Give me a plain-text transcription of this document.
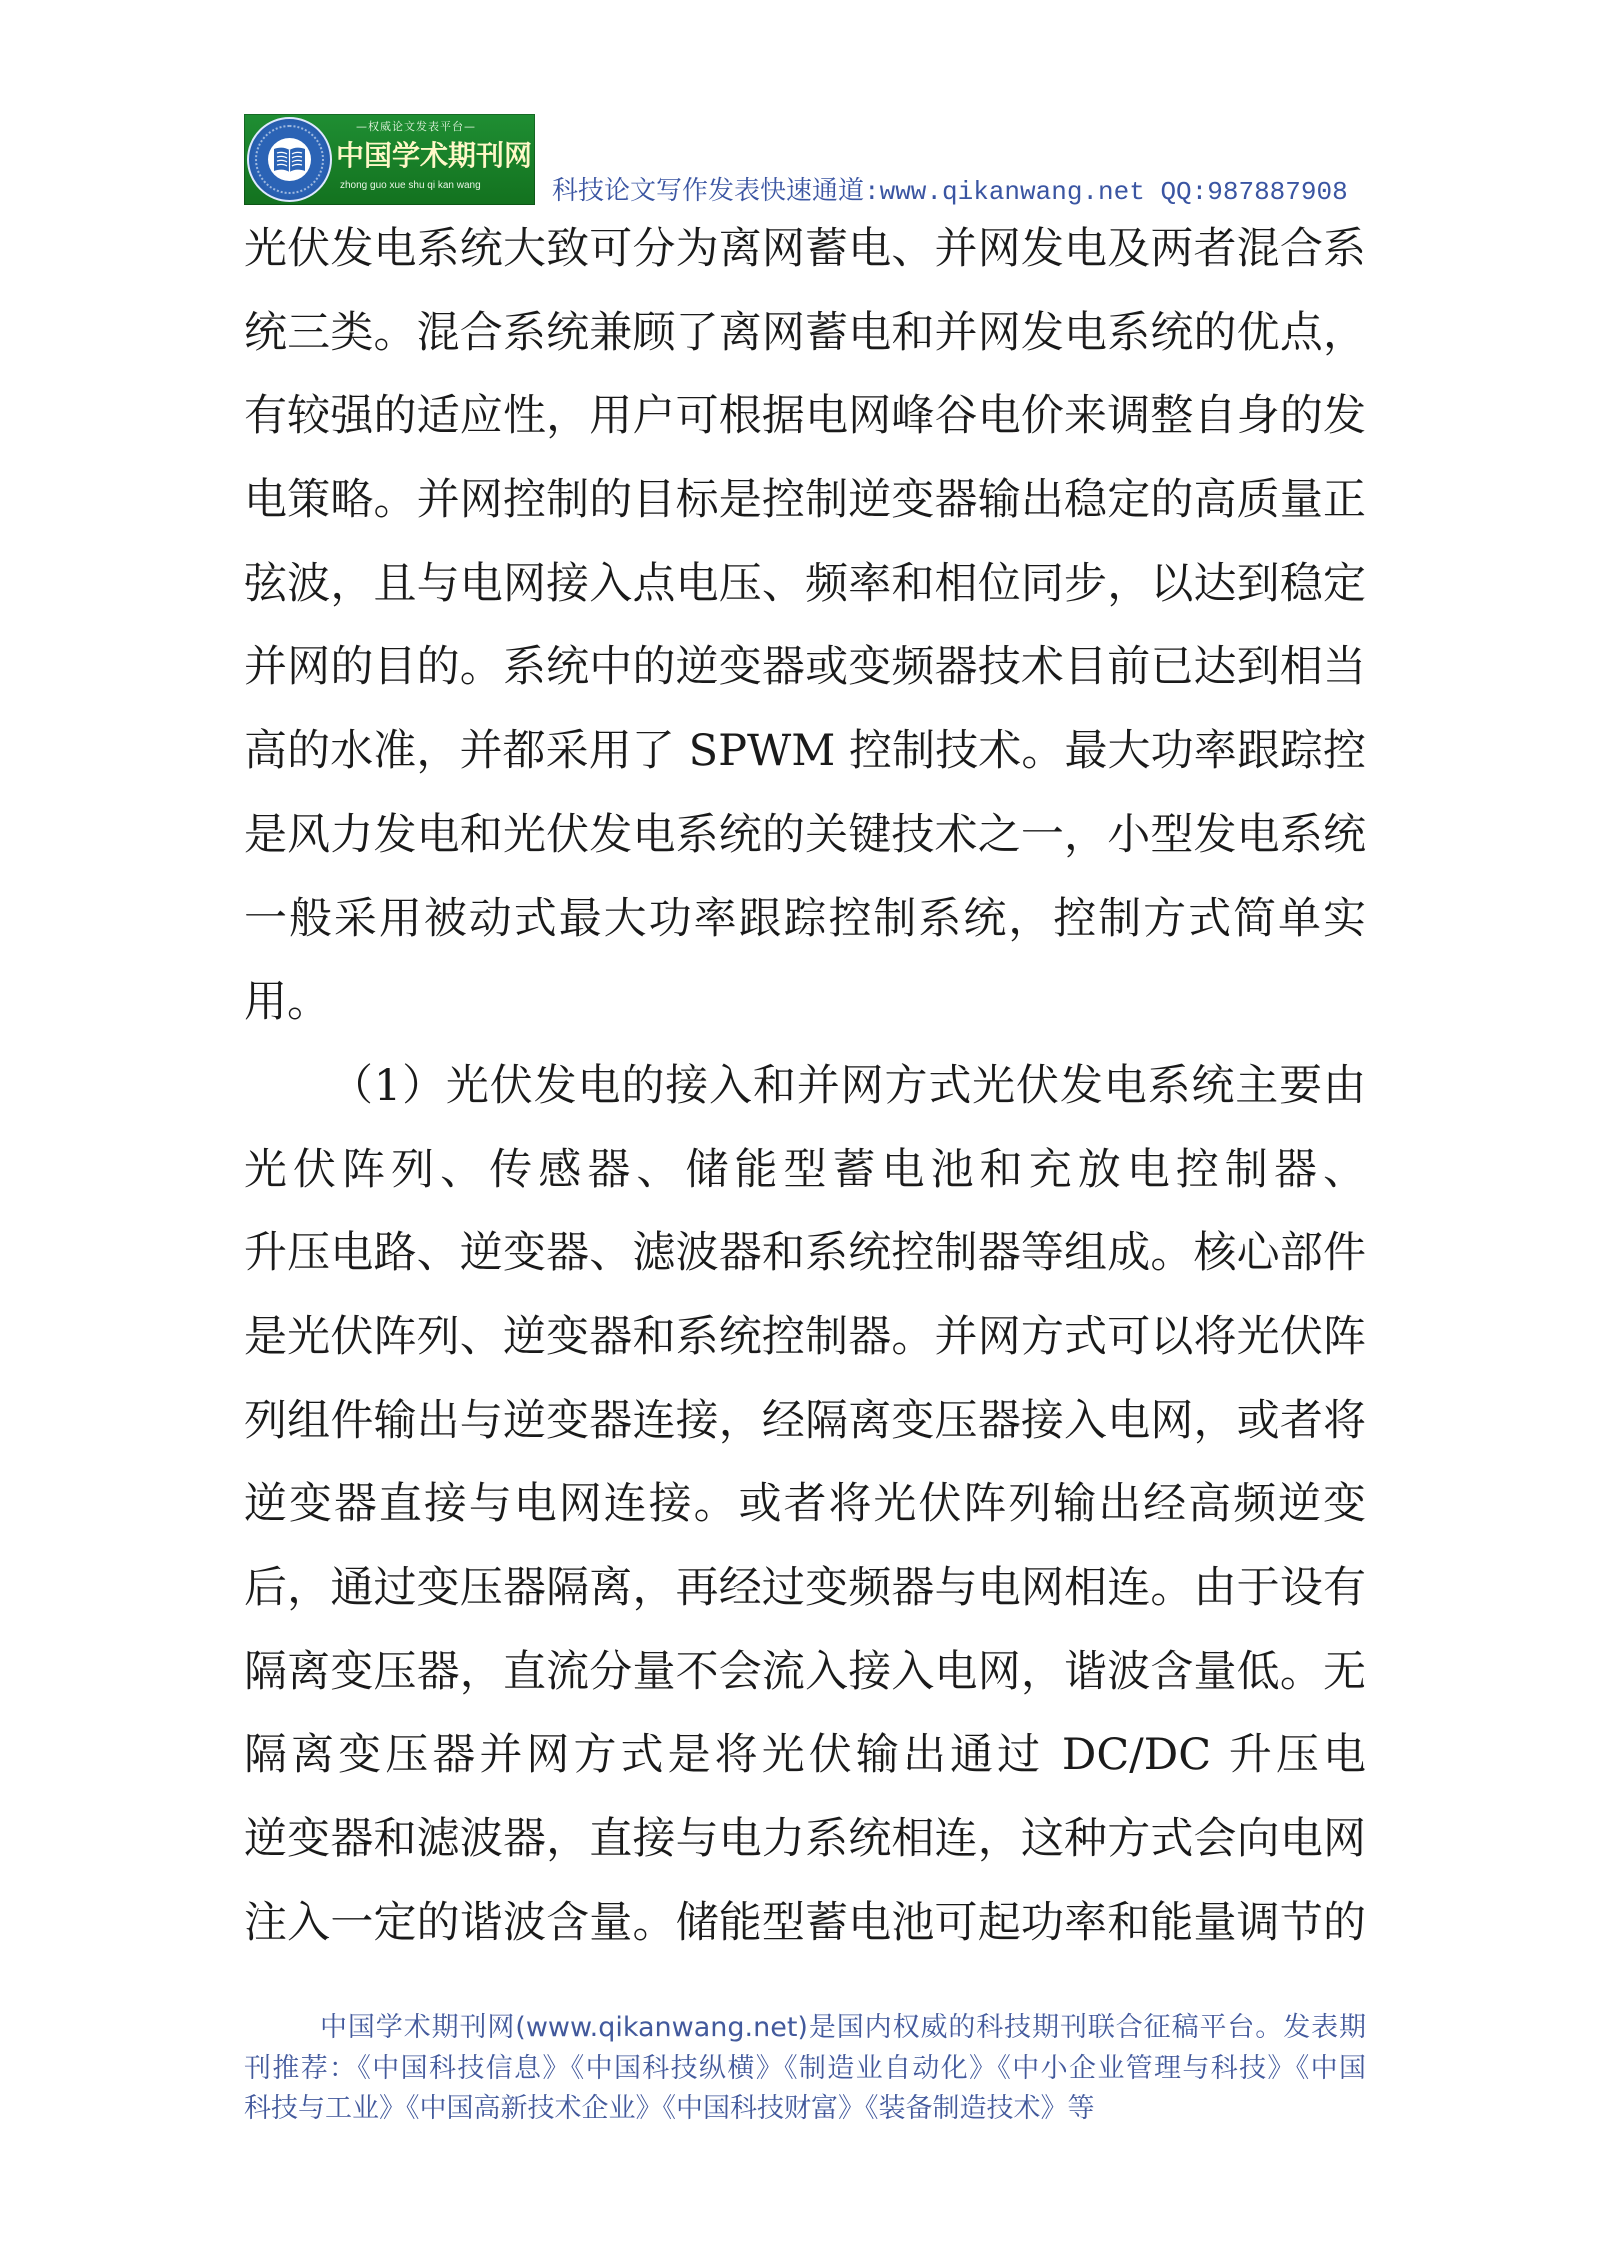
—权威论文发表平台—
中国学术期刊网
zhong guo xue shu qi kan wang	科技论文写作发表快速通道:www.qikanwang.net QQ:987887908
光伏发电系统大致可分为离网蓄电、并网发电及两者混合系
统三类。混合系统兼顾了离网蓄电和并网发电系统的优点，
有较强的适应性，用户可根据电网峰谷电价来调整自身的发
电策略。并网控制的目标是控制逆变器输出稳定的高质量正
弦波，且与电网接入点电压、频率和相位同步，以达到稳定
并网的目的。系统中的逆变器或变频器技术目前已达到相当
高的水准，并都采用了 SPWM 控制技术。最大功率跟踪控
是风力发电和光伏发电系统的关键技术之一，小型发电系统
一般采用被动式最大功率跟踪控制系统，控制方式简单实
用。
（1）光伏发电的接入和并网方式光伏发电系统主要由
光伏阵列、传感器、储能型蓄电池和充放电控制器、
升压电路、逆变器、滤波器和系统控制器等组成。核心部件
是光伏阵列、逆变器和系统控制器。并网方式可以将光伏阵
列组件输出与逆变器连接，经隔离变压器接入电网，或者将
逆变器直接与电网连接。或者将光伏阵列输出经高频逆变
后，通过变压器隔离，再经过变频器与电网相连。由于设有
隔离变压器，直流分量不会流入接入电网，谐波含量低。无
隔离变压器并网方式是将光伏输出通过 DC/DC 升压电
逆变器和滤波器，直接与电力系统相连，这种方式会向电网
注入一定的谐波含量。储能型蓄电池可起功率和能量调节的
中国学术期刊网(www.qikanwang.net)是国内权威的科技期刊联合征稿平台。发表期
刊推荐：《中国科技信息》《中国科技纵横》《制造业自动化》《中小企业管理与科技》《中国
科技与工业》《中国高新技术企业》《中国科技财富》《装备制造技术》等
